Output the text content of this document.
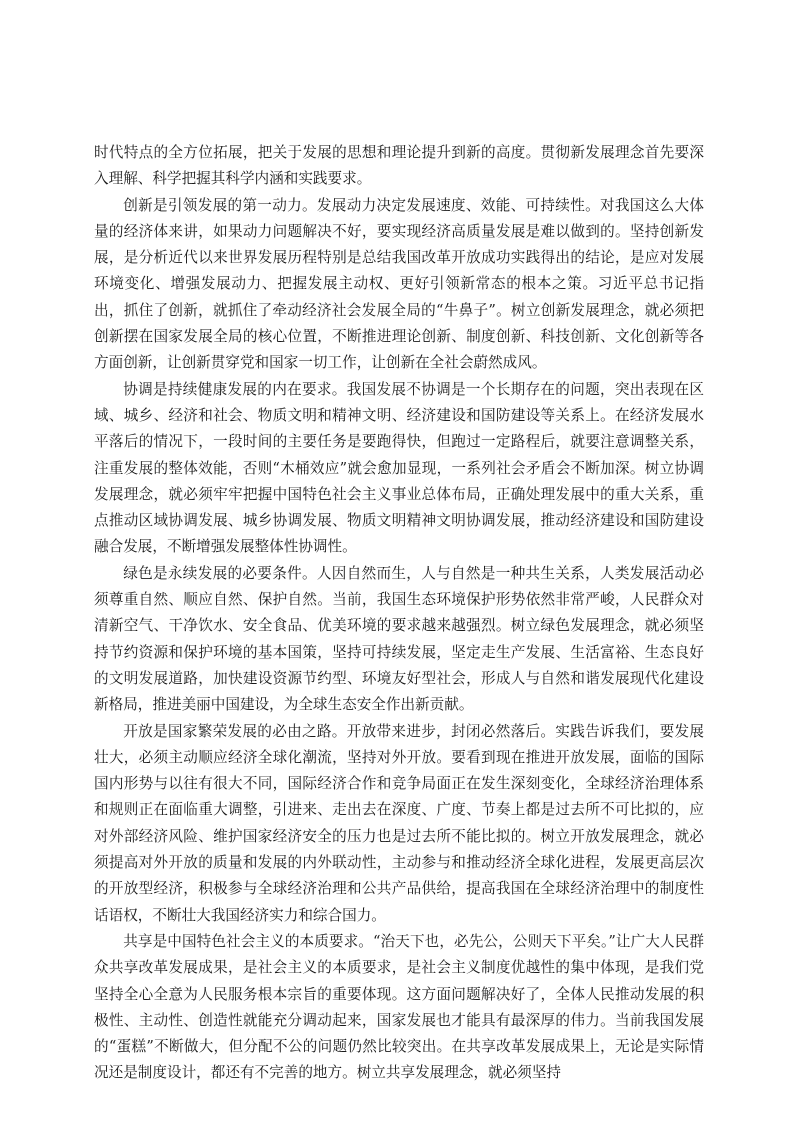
时代特点的全方位拓展，把关于发展的思想和理论提升到新的高度。贯彻新发展理念首先要深入理解、科学把握其科学内涵和实践要求。

创新是引领发展的第一动力。发展动力决定发展速度、效能、可持续性。对我国这么大体量的经济体来讲，如果动力问题解决不好，要实现经济高质量发展是难以做到的。坚持创新发展，是分析近代以来世界发展历程特别是总结我国改革开放成功实践得出的结论，是应对发展环境变化、增强发展动力、把握发展主动权、更好引领新常态的根本之策。习近平总书记指出，抓住了创新，就抓住了牵动经济社会发展全局的“牛鼻子”。树立创新发展理念，就必须把创新摆在国家发展全局的核心位置，不断推进理论创新、制度创新、科技创新、文化创新等各方面创新，让创新贯穿党和国家一切工作，让创新在全社会蔚然成风。

协调是持续健康发展的内在要求。我国发展不协调是一个长期存在的问题，突出表现在区域、城乡、经济和社会、物质文明和精神文明、经济建设和国防建设等关系上。在经济发展水平落后的情况下，一段时间的主要任务是要跑得快，但跑过一定路程后，就要注意调整关系，注重发展的整体效能，否则“木桶效应”就会愈加显现，一系列社会矛盾会不断加深。树立协调发展理念，就必须牢牢把握中国特色社会主义事业总体布局，正确处理发展中的重大关系，重点推动区域协调发展、城乡协调发展、物质文明精神文明协调发展，推动经济建设和国防建设融合发展，不断增强发展整体性协调性。

绿色是永续发展的必要条件。人因自然而生，人与自然是一种共生关系，人类发展活动必须尊重自然、顺应自然、保护自然。当前，我国生态环境保护形势依然非常严峻，人民群众对清新空气、干净饮水、安全食品、优美环境的要求越来越强烈。树立绿色发展理念，就必须坚持节约资源和保护环境的基本国策，坚持可持续发展，坚定走生产发展、生活富裕、生态良好的文明发展道路，加快建设资源节约型、环境友好型社会，形成人与自然和谐发展现代化建设新格局，推进美丽中国建设，为全球生态安全作出新贡献。

开放是国家繁荣发展的必由之路。开放带来进步，封闭必然落后。实践告诉我们，要发展壮大，必须主动顺应经济全球化潮流，坚持对外开放。要看到现在推进开放发展，面临的国际国内形势与以往有很大不同，国际经济合作和竞争局面正在发生深刻变化，全球经济治理体系和规则正在面临重大调整，引进来、走出去在深度、广度、节奏上都是过去所不可比拟的，应对外部经济风险、维护国家经济安全的压力也是过去所不能比拟的。树立开放发展理念，就必须提高对外开放的质量和发展的内外联动性，主动参与和推动经济全球化进程，发展更高层次的开放型经济，积极参与全球经济治理和公共产品供给，提高我国在全球经济治理中的制度性话语权，不断壮大我国经济实力和综合国力。

共享是中国特色社会主义的本质要求。“治天下也，必先公，公则天下平矣。”让广大人民群众共享改革发展成果，是社会主义的本质要求，是社会主义制度优越性的集中体现，是我们党坚持全心全意为人民服务根本宗旨的重要体现。这方面问题解决好了，全体人民推动发展的积极性、主动性、创造性就能充分调动起来，国家发展也才能具有最深厚的伟力。当前我国发展的“蛋糕”不断做大，但分配不公的问题仍然比较突出。在共享改革发展成果上，无论是实际情况还是制度设计，都还有不完善的地方。树立共享发展理念，就必须坚持
